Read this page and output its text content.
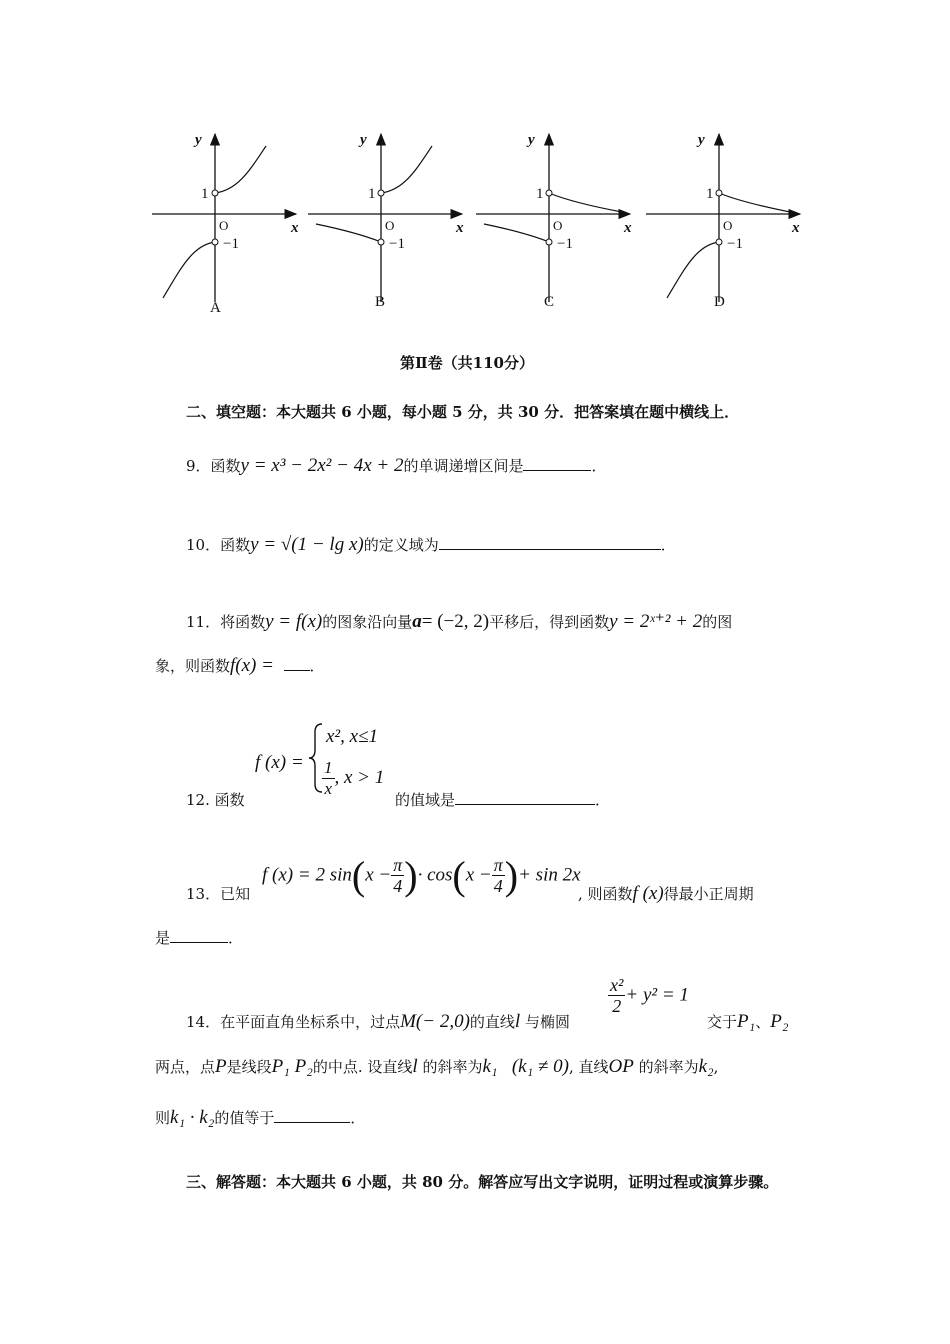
y
1
O	x
−1
A
y
1
O	x
−1
B
y
1
O	x
−1
C
y
1
O	x
−1
D
第Ⅱ卷（共110分）
二、填空题：本大题共 6 小题，每小题 5 分，共 30 分．把答案填在题中横线上．
9．函数y = x³ − 2x² − 4x + 2的单调递增区间是	．
10．函数y = √(1 − lg x)的定义域为	．
11．将函数y = f(x)的图象沿向量a= (−2, 2)平移后，得到函数y = 2ˣ⁺² + 2的图
象，则函数f(x) = ．
f (x) =
x², x≤1
$\frac{1}{x}$ , x > 1
12. 函数	的值域是	．
f (x) = 2 $\sin(x - \frac{\pi}{4}$ )· $\cos(x - \frac{\pi}{4}$ )+ sin 2x
13．已知	, 则函数f (x)得最小正周期
是	．
14．在平面直角坐标系中，过点M(− 2,0)的直线l 与椭圆
$\frac{\text{x²}}{2} + y^2 = 1$
交于P₁、P₂
两点，点P是线段P₁ P₂的中点. 设直线l 的斜率为k₁ (k₁ ≠ 0), 直线OP 的斜率为k₂,
则k₁ · k₂的值等于	．
三、解答题：本大题共 6 小题，共 80 分。解答应写出文字说明，证明过程或演算步骤。
